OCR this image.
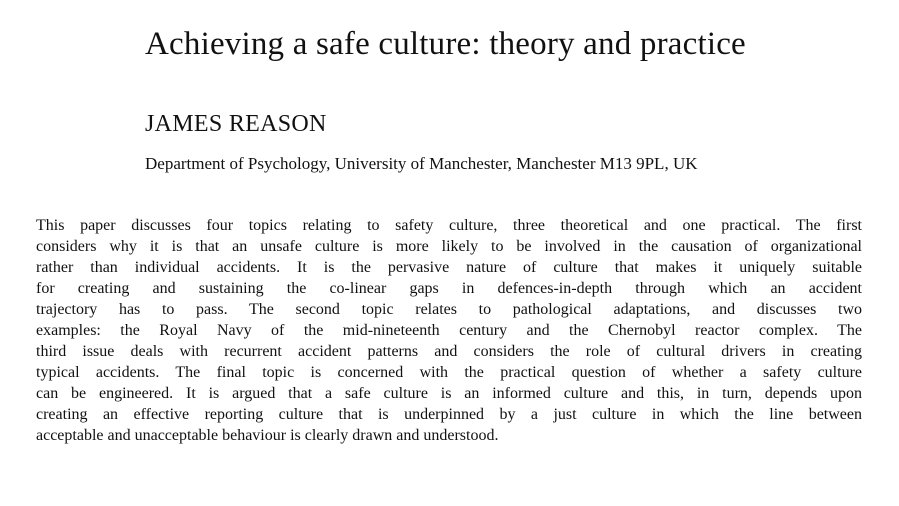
Achieving a safe culture: theory and practice
JAMES REASON
Department of Psychology, University of Manchester, Manchester M13 9PL, UK
This paper discusses four topics relating to safety culture, three theoretical and one practical. The first
considers why it is that an unsafe culture is more likely to be involved in the causation of organizational
rather than individual accidents. It is the pervasive nature of culture that makes it uniquely suitable
for creating and sustaining the co-linear gaps in defences-in-depth through which an accident
trajectory has to pass. The second topic relates to pathological adaptations, and discusses two
examples: the Royal Navy of the mid-nineteenth century and the Chernobyl reactor complex. The
third issue deals with recurrent accident patterns and considers the role of cultural drivers in creating
typical accidents. The final topic is concerned with the practical question of whether a safety culture
can be engineered. It is argued that a safe culture is an informed culture and this, in turn, depends upon
creating an effective reporting culture that is underpinned by a just culture in which the line between
acceptable and unacceptable behaviour is clearly drawn and understood.
